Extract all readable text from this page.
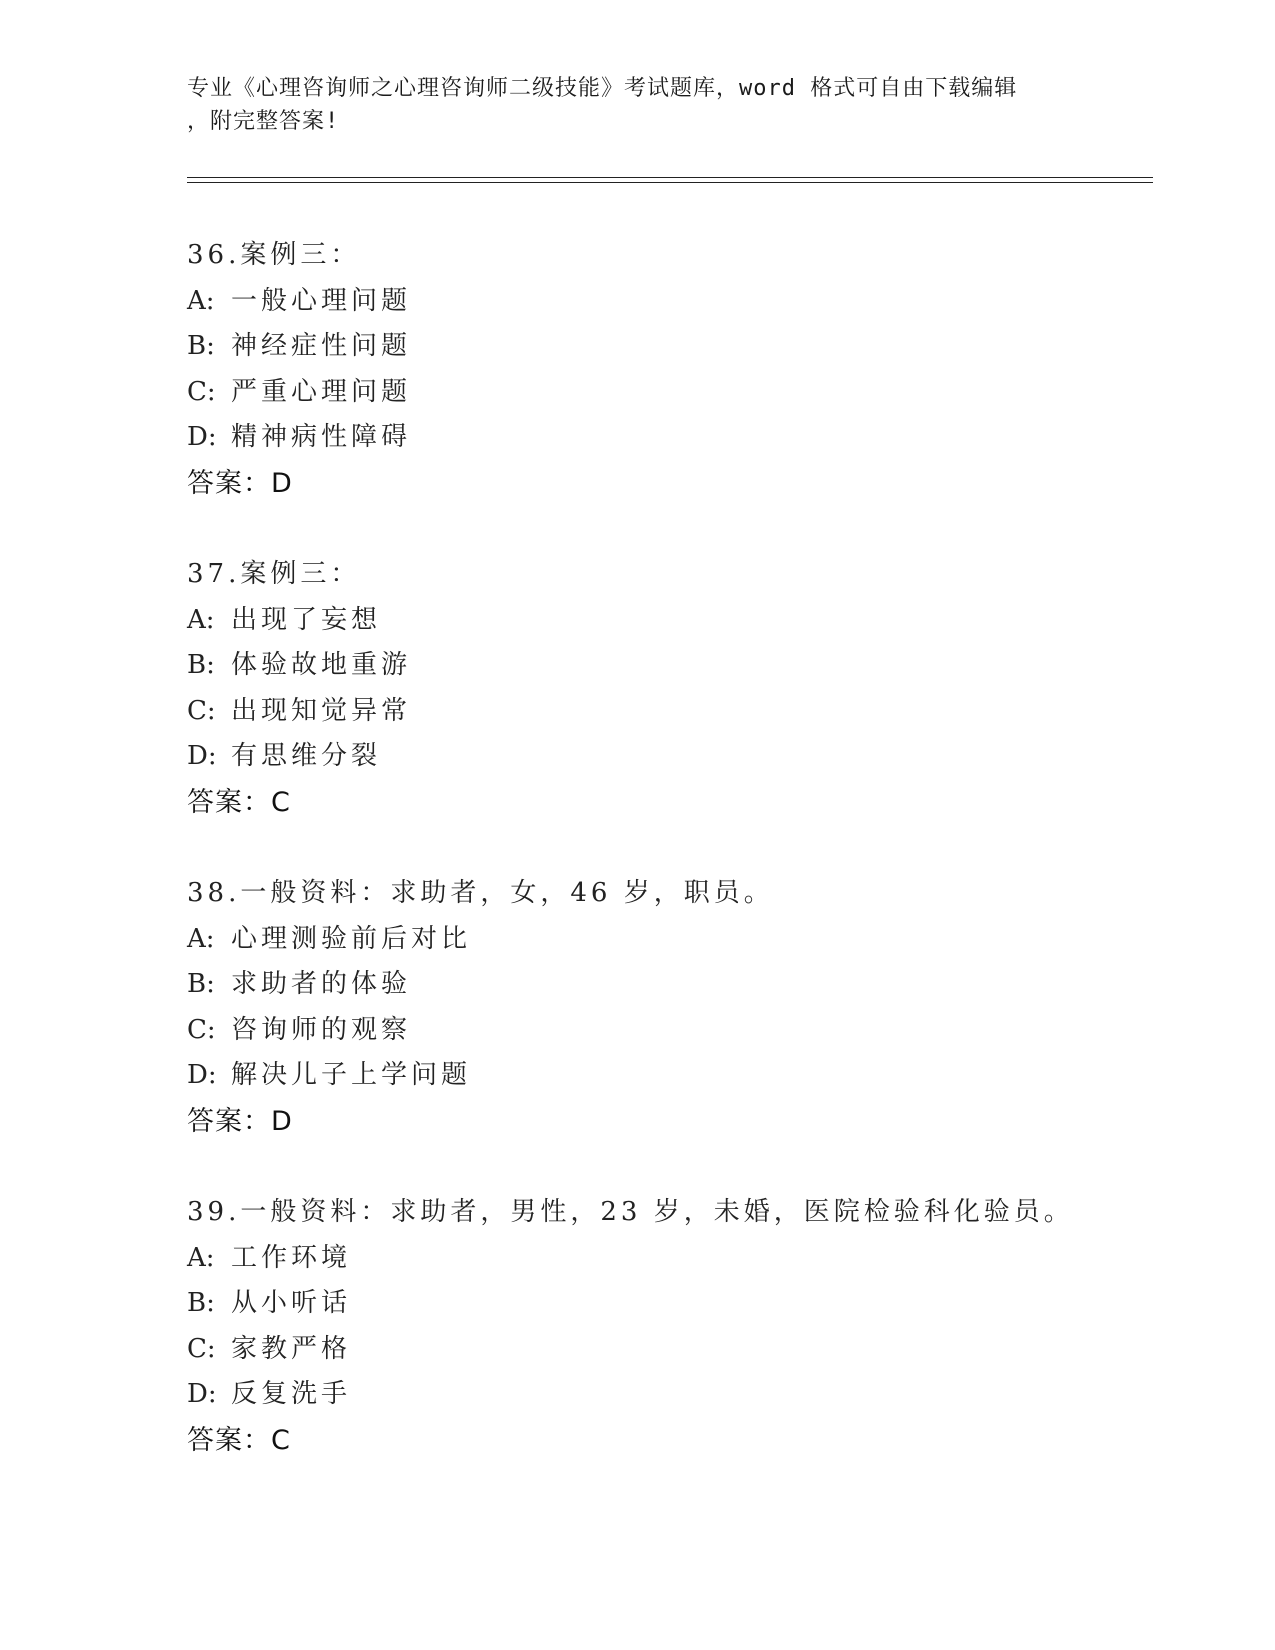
专业《心理咨询师之心理咨询师二级技能》考试题库，word 格式可自由下载编辑
，附完整答案!
36.案例三：
A: 一般心理问题
B: 神经症性问题
C: 严重心理问题
D: 精神病性障碍
答案：D
37.案例三：
A: 出现了妄想
B: 体验故地重游
C: 出现知觉异常
D: 有思维分裂
答案：C
38.一般资料：求助者，女，46 岁，职员。
A: 心理测验前后对比
B: 求助者的体验
C: 咨询师的观察
D: 解决儿子上学问题
答案：D
39.一般资料：求助者，男性，23 岁，未婚，医院检验科化验员。
A: 工作环境
B: 从小听话
C: 家教严格
D: 反复洗手
答案：C
